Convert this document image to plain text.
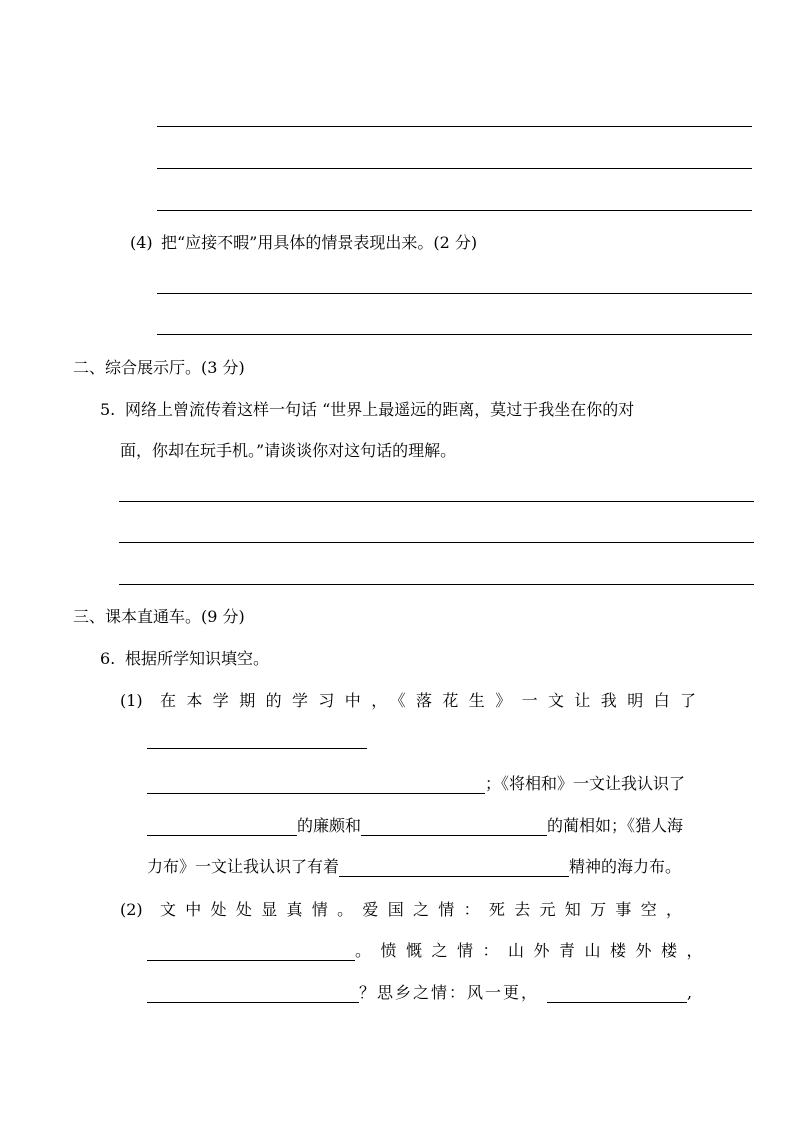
(4) 把“应接不暇”用具体的情景表现出来。(2 分)
二、综合展示厅。(3 分)
5. 网络上曾流传着这样一句话 “世界上最遥远的距离，莫过于我坐在你的对
面，你却在玩手机。”请谈谈你对这句话的理解。
三、课本直通车。(9 分)
6. 根据所学知识填空。
(1) 在本学期的学习中，《落花生》一文让我明白了
；《将相和》一文让我认识了
的廉颇和	的蔺相如；《猎人海
力布》一文让我认识了有着	精神的海力布。
(2) 文中处处显真情。爱国之情：死去元知万事空，
。愤慨之情：山外青山楼外楼，
？思乡之情：风一更，	,
